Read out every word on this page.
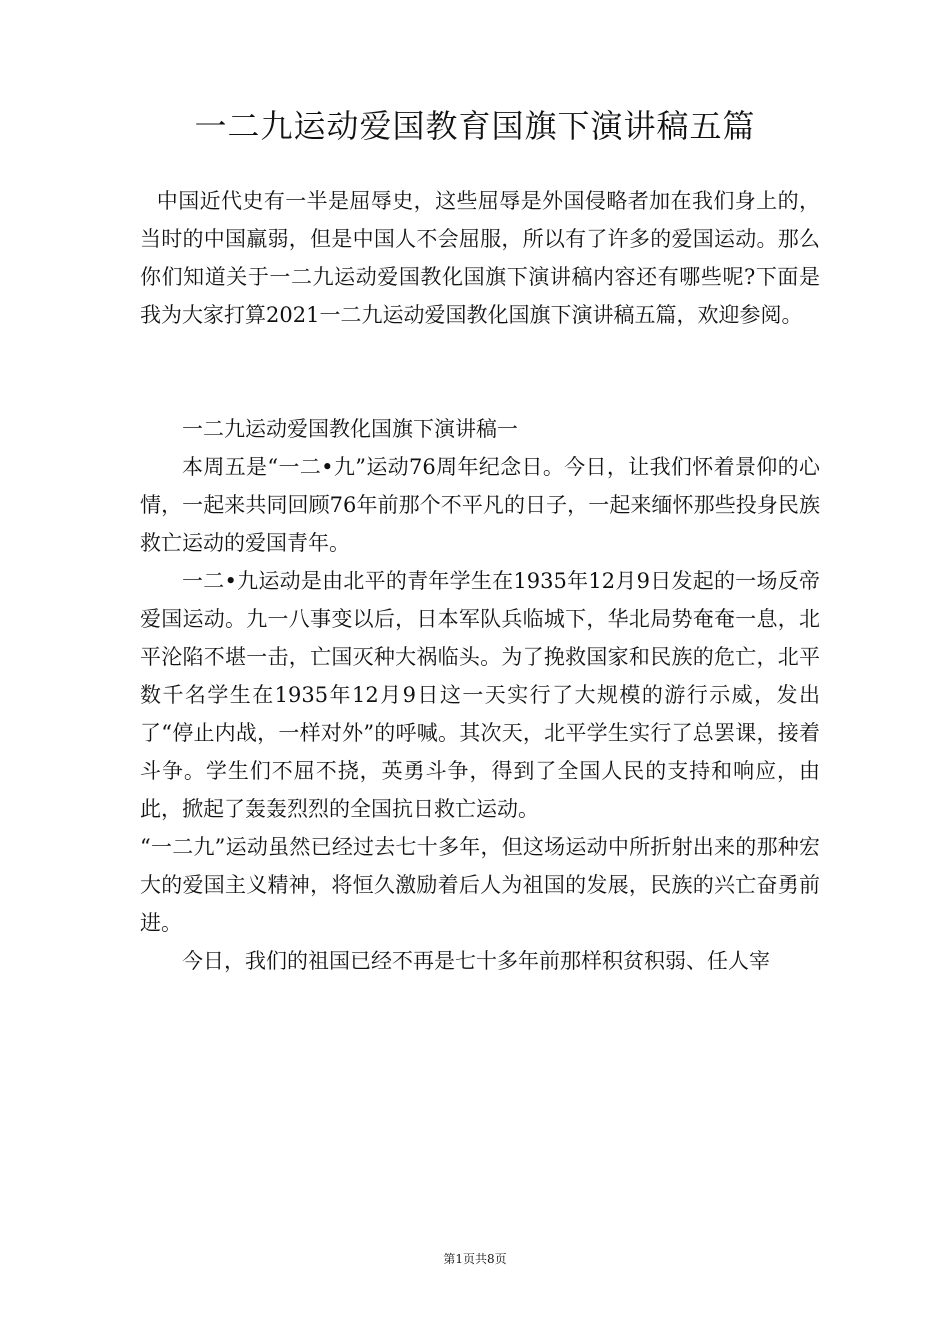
一二九运动爱国教育国旗下演讲稿五篇

中国近代史有一半是屈辱史，这些屈辱是外国侵略者加在我们身上的，当时的中国羸弱，但是中国人不会屈服，所以有了许多的爱国运动。那么你们知道关于一二九运动爱国教化国旗下演讲稿内容还有哪些呢?下面是我为大家打算2021一二九运动爱国教化国旗下演讲稿五篇，欢迎参阅。

一二九运动爱国教化国旗下演讲稿一

本周五是“一二•九”运动76周年纪念日。今日，让我们怀着景仰的心情，一起来共同回顾76年前那个不平凡的日子，一起来缅怀那些投身民族救亡运动的爱国青年。

一二•九运动是由北平的青年学生在1935年12月9日发起的一场反帝爱国运动。九一八事变以后，日本军队兵临城下，华北局势奄奄一息，北平沦陷不堪一击，亡国灭种大祸临头。为了挽救国家和民族的危亡，北平数千名学生在1935年12月9日这一天实行了大规模的游行示威，发出了“停止内战，一样对外”的呼喊。其次天，北平学生实行了总罢课，接着斗争。学生们不屈不挠，英勇斗争，得到了全国人民的支持和响应，由此，掀起了轰轰烈烈的全国抗日救亡运动。

“一二九”运动虽然已经过去七十多年，但这场运动中所折射出来的那种宏大的爱国主义精神，将恒久激励着后人为祖国的发展，民族的兴亡奋勇前进。

今日，我们的祖国已经不再是七十多年前那样积贫积弱、任人宰

第1页共8页
